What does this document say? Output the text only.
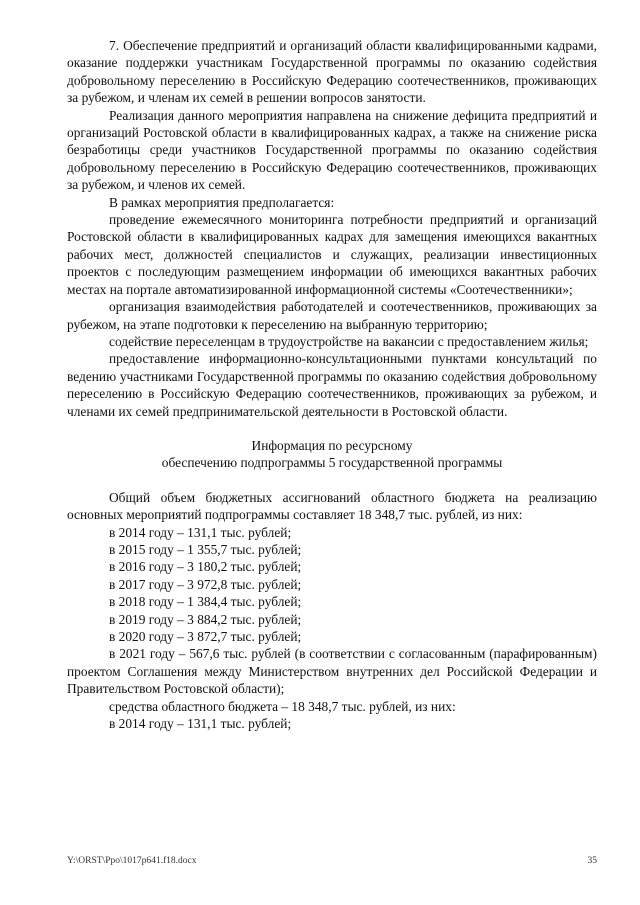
7. Обеспечение предприятий и организаций области квалифицированными кадрами, оказание поддержки участникам Государственной программы по оказанию содействия добровольному переселению в Российскую Федерацию соотечественников, проживающих за рубежом, и членам их семей в решении вопросов занятости.

Реализация данного мероприятия направлена на снижение дефицита предприятий и организаций Ростовской области в квалифицированных кадрах, а также на снижение риска безработицы среди участников Государственной программы по оказанию содействия добровольному переселению в Российскую Федерацию соотечественников, проживающих за рубежом, и членов их семей.

В рамках мероприятия предполагается:

проведение ежемесячного мониторинга потребности предприятий и организаций Ростовской области в квалифицированных кадрах для замещения имеющихся вакантных рабочих мест, должностей специалистов и служащих, реализации инвестиционных проектов с последующим размещением информации об имеющихся вакантных рабочих местах на портале автоматизированной информационной системы «Соотечественники»;

организация взаимодействия работодателей и соотечественников, проживающих за рубежом, на этапе подготовки к переселению на выбранную территорию;

содействие переселенцам в трудоустройстве на вакансии с предоставлением жилья;

предоставление информационно-консультационными пунктами консультаций по ведению участниками Государственной программы по оказанию содействия добровольному переселению в Российскую Федерацию соотечественников, проживающих за рубежом, и членами их семей предпринимательской деятельности в Ростовской области.

Информация по ресурсному
обеспечению подпрограммы 5 государственной программы

Общий объем бюджетных ассигнований областного бюджета на реализацию основных мероприятий подпрограммы составляет 18 348,7 тыс. рублей, из них:

в 2014 году – 131,1 тыс. рублей;

в 2015 году – 1 355,7 тыс. рублей;

в 2016 году – 3 180,2 тыс. рублей;

в 2017 году – 3 972,8 тыс. рублей;

в 2018 году – 1 384,4 тыс. рублей;

в 2019 году – 3 884,2 тыс. рублей;

в 2020 году – 3 872,7 тыс. рублей;

в 2021 году – 567,6 тыс. рублей (в соответствии с согласованным (парафированным) проектом Соглашения между Министерством внутренних дел Российской Федерации и Правительством Ростовской области);

средства областного бюджета – 18 348,7 тыс. рублей, из них:

в 2014 году – 131,1 тыс. рублей;

Y:\ORST\Ppo\1017p641.f18.docx	35
